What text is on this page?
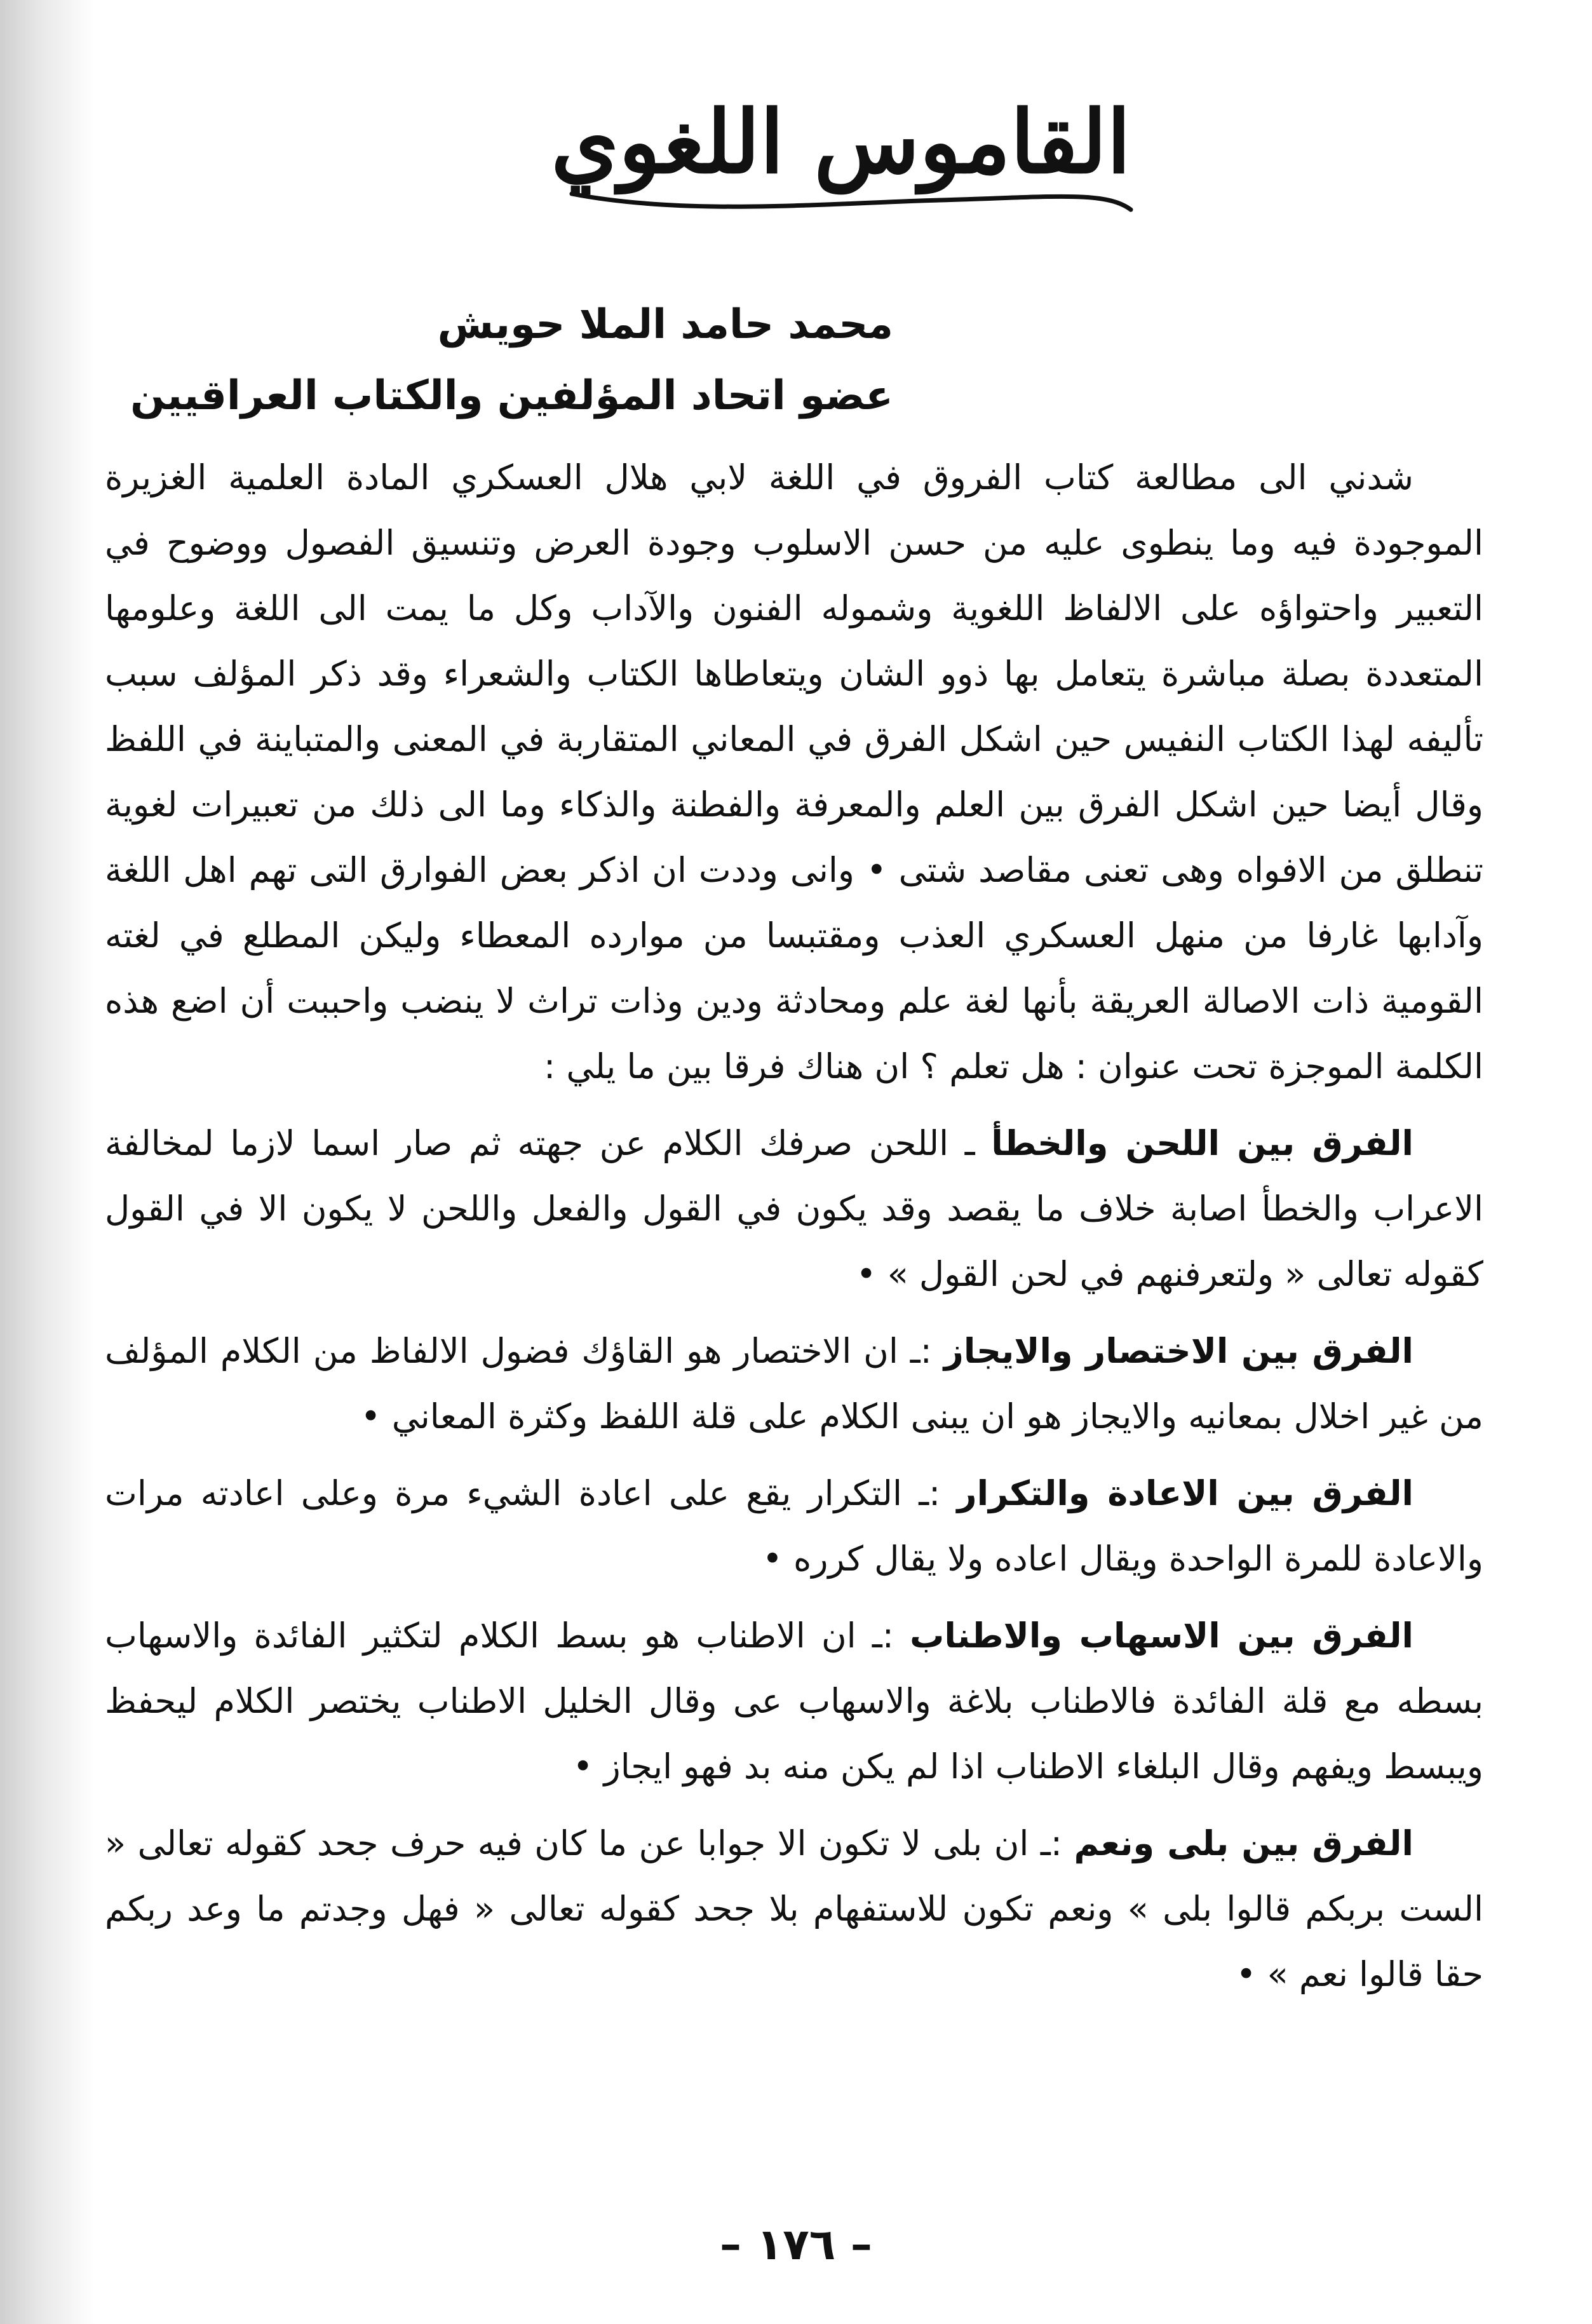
القاموس اللغوي
محمد حامد الملا حويش

عضو اتحاد المؤلفين والكتاب العراقيين

شدني الى مطالعة كتاب الفروق في اللغة لابي هلال العسكري المادة العلمية الغزيرة الموجودة فيه وما ينطوى عليه من حسن الاسلوب وجودة العرض وتنسيق الفصول ووضوح في التعبير واحتواؤه على الالفاظ اللغوية وشموله الفنون والآداب وكل ما يمت الى اللغة وعلومها المتعددة بصلة مباشرة يتعامل بها ذوو الشان ويتعاطاها الكتاب والشعراء وقد ذكر المؤلف سبب تأليفه لهذا الكتاب النفيس حين اشكل الفرق في المعاني المتقاربة في المعنى والمتباينة في اللفظ وقال أيضا حين اشكل الفرق بين العلم والمعرفة والفطنة والذكاء وما الى ذلك من تعبيرات لغوية تنطلق من الافواه وهى تعنى مقاصد شتى • وانى وددت ان اذكر بعض الفوارق التى تهم اهل اللغة وآدابها غارفا من منهل العسكري العذب ومقتبسا من موارده المعطاء وليكن المطلع في لغته القومية ذات الاصالة العريقة بأنها لغة علم ومحادثة ودين وذات تراث لا ينضب واحببت أن اضع هذه الكلمة الموجزة تحت عنوان : هل تعلم ؟ ان هناك فرقا بين ما يلي :

الفرق بين اللحن والخطأ ـ اللحن صرفك الكلام عن جهته ثم صار اسما لازما لمخالفة الاعراب والخطأ اصابة خلاف ما يقصد وقد يكون في القول والفعل واللحن لا يكون الا في القول كقوله تعالى « ولتعرفنهم في لحن القول » •

الفرق بين الاختصار والايجاز :ـ ان الاختصار هو القاؤك فضول الالفاظ من الكلام المؤلف من غير اخلال بمعانيه والايجاز هو ان يبنى الكلام على قلة اللفظ وكثرة المعاني •

الفرق بين الاعادة والتكرار :ـ التكرار يقع على اعادة الشيء مرة وعلى اعادته مرات والاعادة للمرة الواحدة ويقال اعاده ولا يقال كرره •

الفرق بين الاسهاب والاطناب :ـ ان الاطناب هو بسط الكلام لتكثير الفائدة والاسهاب بسطه مع قلة الفائدة فالاطناب بلاغة والاسهاب عى وقال الخليل الاطناب يختصر الكلام ليحفظ ويبسط ويفهم وقال البلغاء الاطناب اذا لم يكن منه بد فهو ايجاز •

الفرق بين بلى ونعم :ـ ان بلى لا تكون الا جوابا عن ما كان فيه حرف جحد كقوله تعالى « الست بربكم قالوا بلى » ونعم تكون للاستفهام بلا جحد كقوله تعالى « فهل وجدتم ما وعد ربكم حقا قالوا نعم » •

– ١٧٦ –
